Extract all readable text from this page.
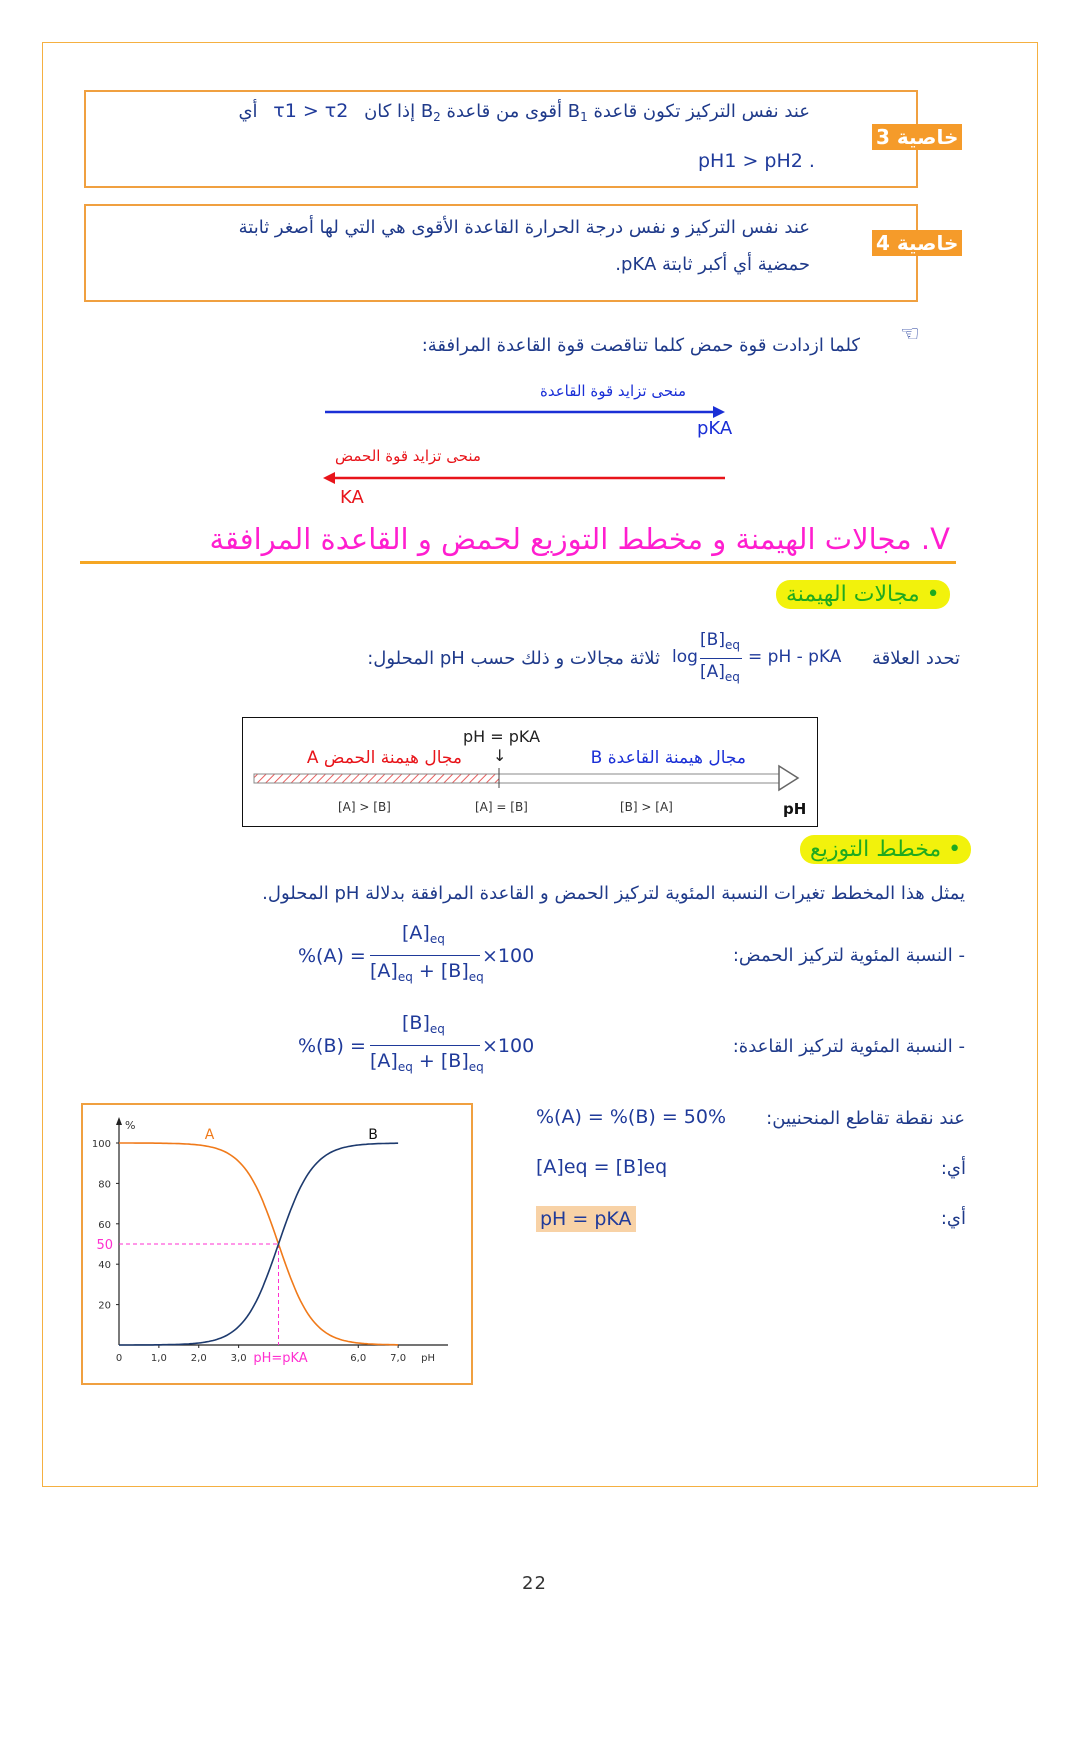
خاصية 3
عند نفس التركيز تكون قاعدة $B_1$ أقوى من قاعدة $B_2$ إذا كان τ1 > τ2 أي
pH1 > pH2 .
خاصية 4
عند نفس التركيز و نفس درجة الحرارة القاعدة الأقوى هي التي لها أصغر ثابتة
حمضية أي أكبر ثابتة pKA.
☜
كلما ازدادت قوة حمض كلما تناقصت قوة القاعدة المرافقة:
منحى تزايد قوة القاعدة
pKA
منحى تزايد قوة الحمض
KA
V. مجالات الهيمنة و مخطط التوزيع لحمض و القاعدة المرافقة
• مجالات الهيمنة
تحدد العلاقة
log
$[B]_{eq}$
$[A]_{eq}$
= pH - pKA
ثلاثة مجالات و ذلك حسب pH المحلول:
pH = pKA
↓
مجال هيمنة الحمض A	مجال هيمنة القاعدة B
[A] > [B]	[A] = [B]	[B] > [A]	pH
• مخطط التوزيع
يمثل هذا المخطط تغيرات النسبة المئوية لتركيز الحمض و القاعدة المرافقة بدلالة pH المحلول.
- النسبة المئوية لتركيز الحمض:
%(A) =
$[A]_{eq}$
$[A]_{eq} + [B]_{eq}$
×100
- النسبة المئوية لتركيز القاعدة:
%(B) =
$[B]_{eq}$
$[A]_{eq} + [B]_{eq}$
×100
عند نقطة تقاطع المنحنيين:
%(A) = %(B) = 50%
أي:
[A]eq = [B]eq
أي:
pH = pKA
%
100
80
60
40
20
0	1,0 2,0 3,0	6,0 7,0 pH
50
pH=pKA
A	B
22
